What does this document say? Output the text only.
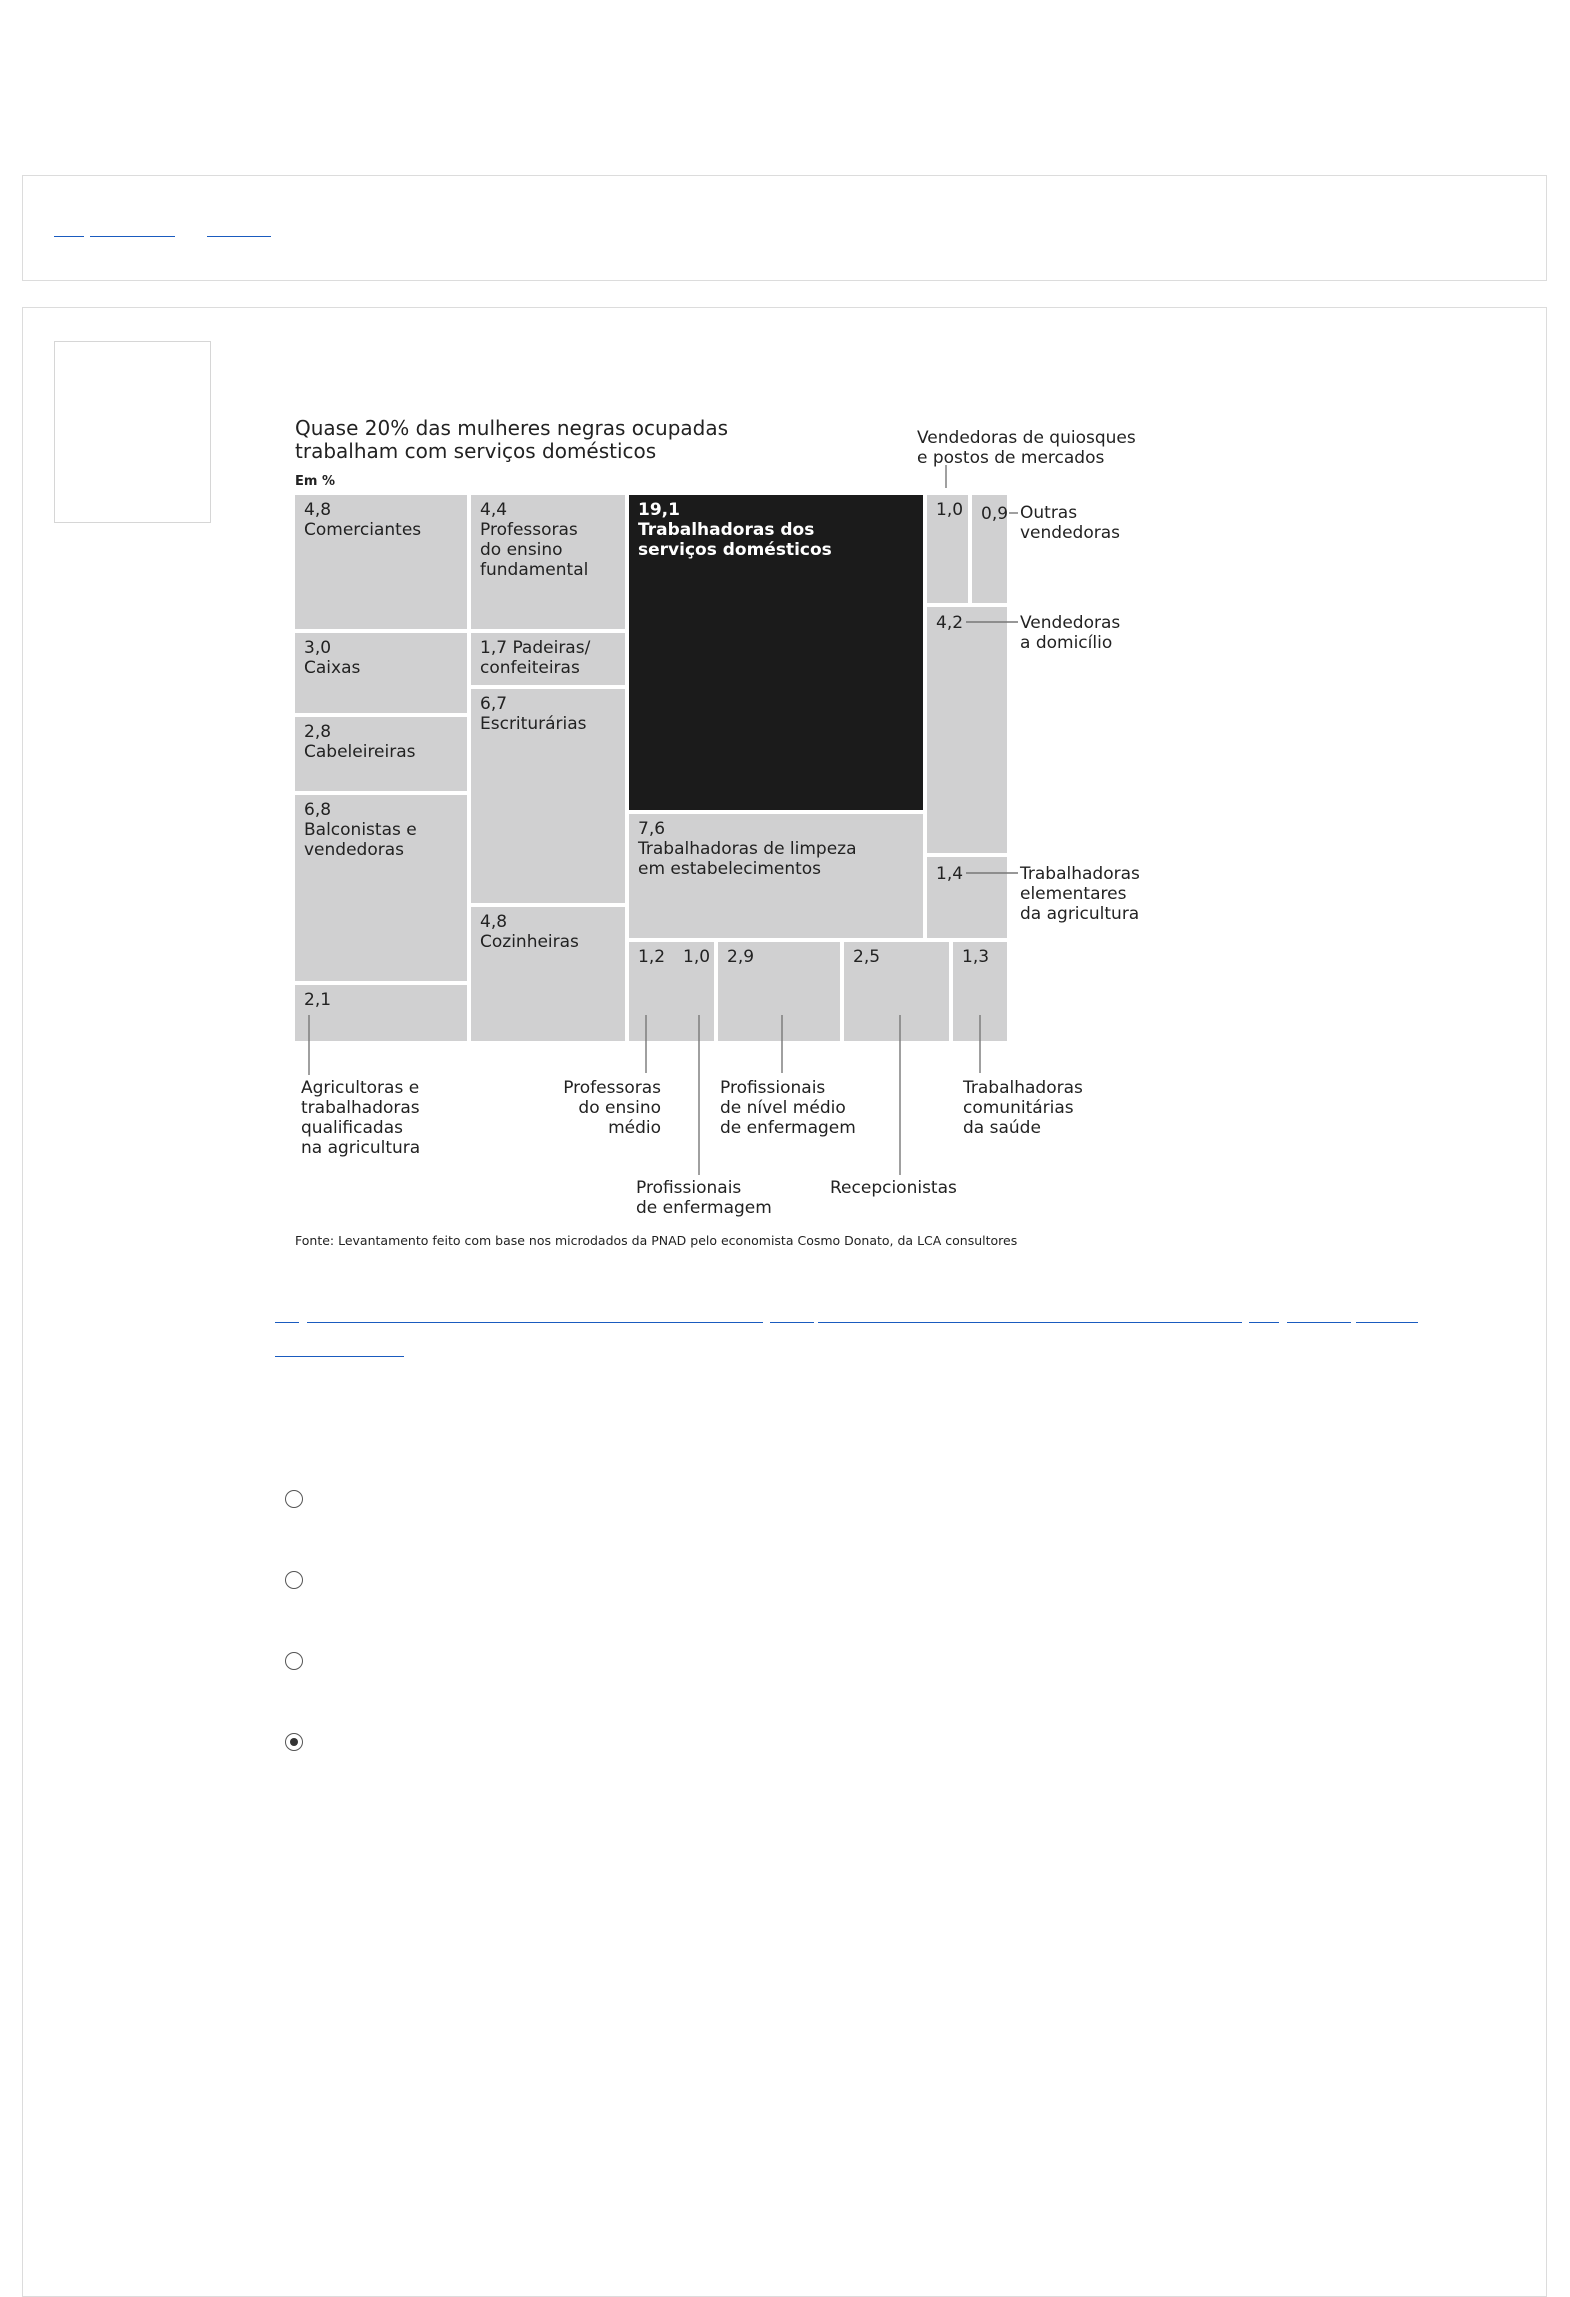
Quase 20% das mulheres negras ocupadas trabalham com serviços domésticos
Em %
4,8 Comerciantes
3,0 Caixas
2,8 Cabeleireiras
6,8 Balconistas e vendedoras
2,1
Agricultoras e trabalhadoras qualificadas na agricultura
4,4 Professoras do ensino fundamental
1,7 Padeiras/ confeiteiras
6,7 Escriturárias
4,8 Cozinheiras
19,1 Trabalhadoras dos serviços domésticos
7,6 Trabalhadoras de limpeza em estabelecimentos
1,2
Professoras do ensino médio
1,0
Profissionais de enfermagem
2,9
Profissionais de nível médio de enfermagem
2,5
Recepcionistas
1,3
Trabalhadoras comunitárias da saúde
1,0
Vendedoras de quiosques e postos de mercados
0,9 Outras vendedoras
4,2	Vendedoras a domicílio
1,4	Trabalhadoras elementares da agricultura
Fonte: Levantamento feito com base nos microdados da PNAD pelo economista Cosmo Donato, da LCA consultores
